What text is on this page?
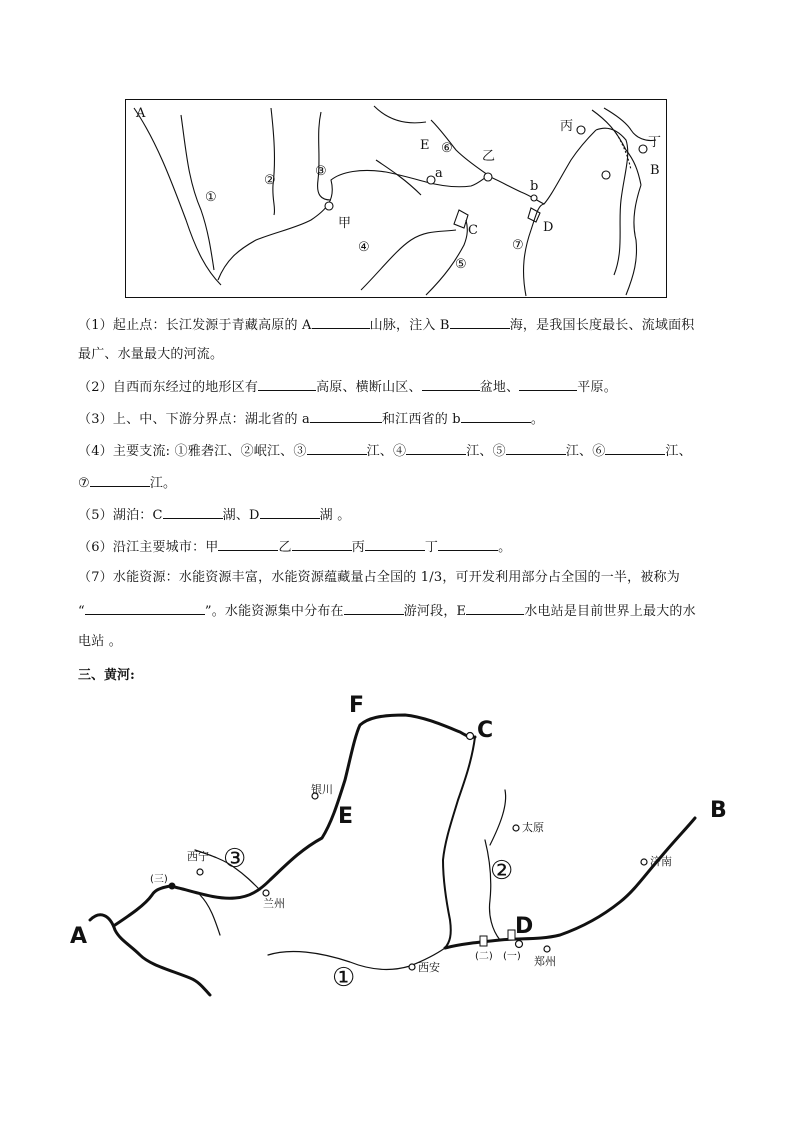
A
B
C	D
E
a
b
①
②
③
④
⑤
⑥
⑦
甲
乙
丙
丁
（1）起止点：长江发源于青藏高原的 A	山脉，注入 B	海，是我国长度最长、流域面积
最广、水量最大的河流。
（2）自西而东经过的地形区有	高原、横断山区、	盆地、	平原。
（3）上、中、下游分界点：湖北省的 a	和江西省的 b	。
（4）主要支流: ①雅砻江、②岷江、③	江、④	江、⑤	江、⑥	江、
⑦	江。
（5）湖泊：C	湖、D	湖 。
（6）沿江主要城市：甲	乙	丙	丁	。
（7）水能资源：水能资源丰富，水能资源蕴藏量占全国的 1/3，可开发利用部分占全国的一半，被称为
“	”。水能资源集中分布在	游河段，E	水电站是目前世界上最大的水
电站 。
三、黄河:
A
B
C
D
E
F
银川
太原
西宁
兰州
西安	郑州
济南
①
②
③
(一)
(二)
(三)
